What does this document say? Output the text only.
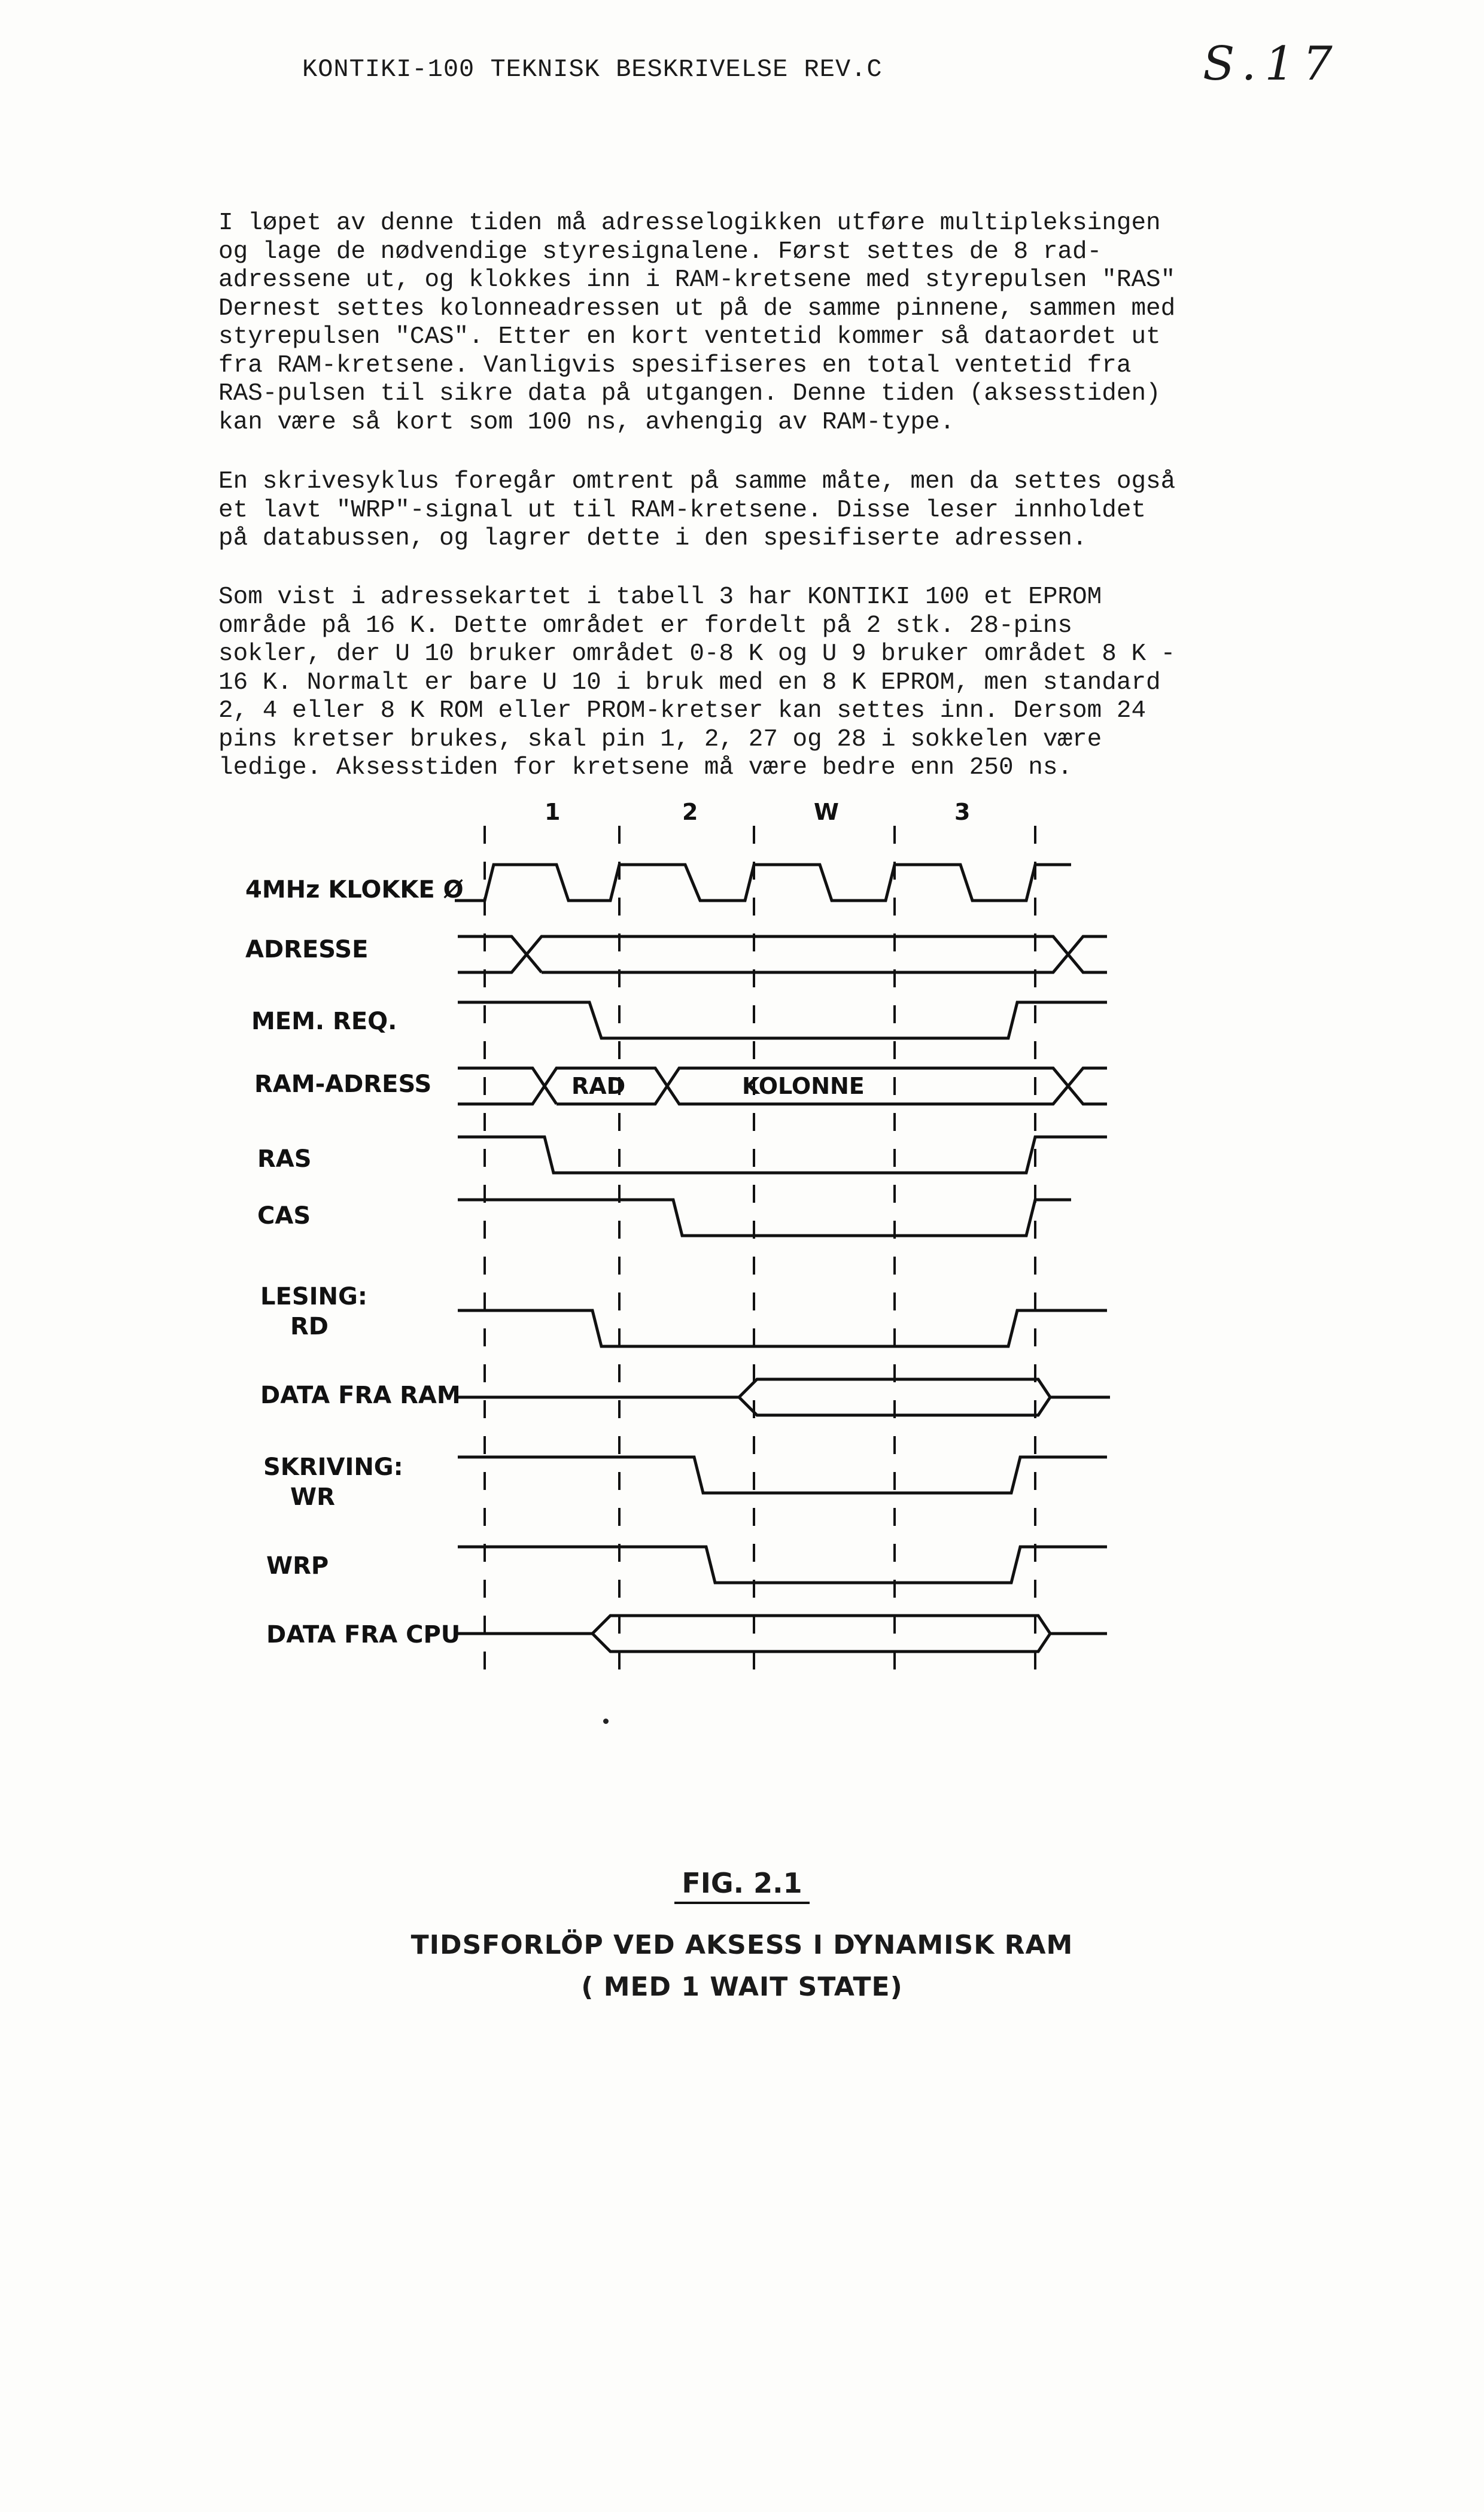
KONTIKI-100 TEKNISK BESKRIVELSE REV.C	S.17

I løpet av denne tiden må adresselogikken utføre multipleksingen
og lage de nødvendige styresignalene. Først settes de 8 rad-
adressene ut, og klokkes inn i RAM-kretsene med styrepulsen "RAS"
Dernest settes kolonneadressen ut på de samme pinnene, sammen med
styrepulsen "CAS". Etter en kort ventetid kommer så dataordet ut
fra RAM-kretsene. Vanligvis spesifiseres en total ventetid fra
RAS-pulsen til sikre data på utgangen. Denne tiden (aksesstiden)
kan være så kort som 100 ns, avhengig av RAM-type.

En skrivesyklus foregår omtrent på samme måte, men da settes også
et lavt "WRP"-signal ut til RAM-kretsene. Disse leser innholdet
på databussen, og lagrer dette i den spesifiserte adressen.

Som vist i adressekartet i tabell 3 har KONTIKI 100 et EPROM
område på 16 K. Dette området er fordelt på 2 stk. 28-pins
sokler, der U 10 bruker området 0-8 K og U 9 bruker området 8 K -
16 K. Normalt er bare U 10 i bruk med en 8 K EPROM, men standard
2, 4 eller 8 K ROM eller PROM-kretser kan settes inn. Dersom 24
pins kretser brukes, skal pin 1, 2, 27 og 28 i sokkelen være
ledige. Aksesstiden for kretsene må være bedre enn 250 ns.

1	2	W	3
4MHz KLOKKE Ø
ADRESSE
MEM. REQ.
RAM-ADRESS
RAS
CAS
LESING:
RD
DATA FRA RAM
SKRIVING:
WR
WRP
DATA FRA CPU
RAD	KOLONNE

FIG. 2.1

TIDSFORLÖP VED AKSESS I DYNAMISK RAM

( MED 1 WAIT STATE)
